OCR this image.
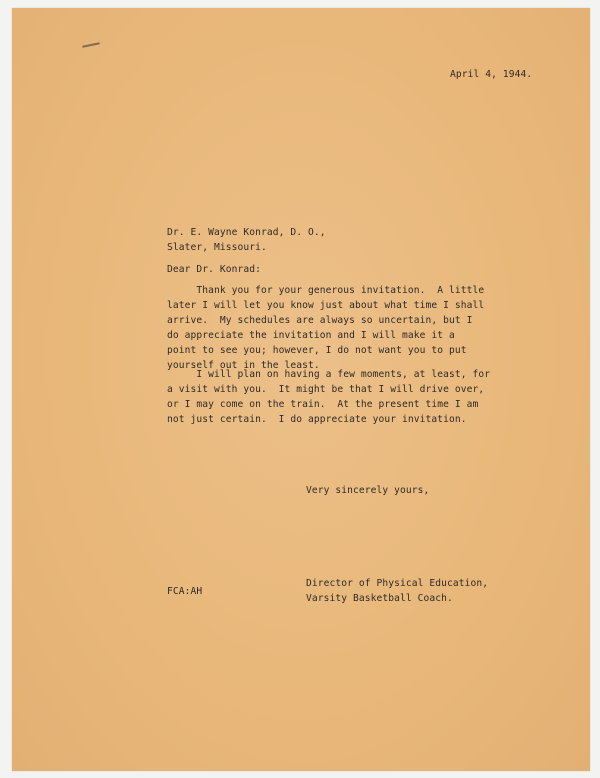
April 4, 1944.
Dr. E. Wayne Konrad, D. O.,
Slater, Missouri.
Dear Dr. Konrad:
Thank you for your generous invitation.  A little
later I will let you know just about what time I shall
arrive.  My schedules are always so uncertain, but I
do appreciate the invitation and I will make it a
point to see you; however, I do not want you to put
yourself out in the least.
I will plan on having a few moments, at least, for
a visit with you.  It might be that I will drive over,
or I may come on the train.  At the present time I am
not just certain.  I do appreciate your invitation.
Very sincerely yours,
Director of Physical Education,
Varsity Basketball Coach.
FCA:AH
